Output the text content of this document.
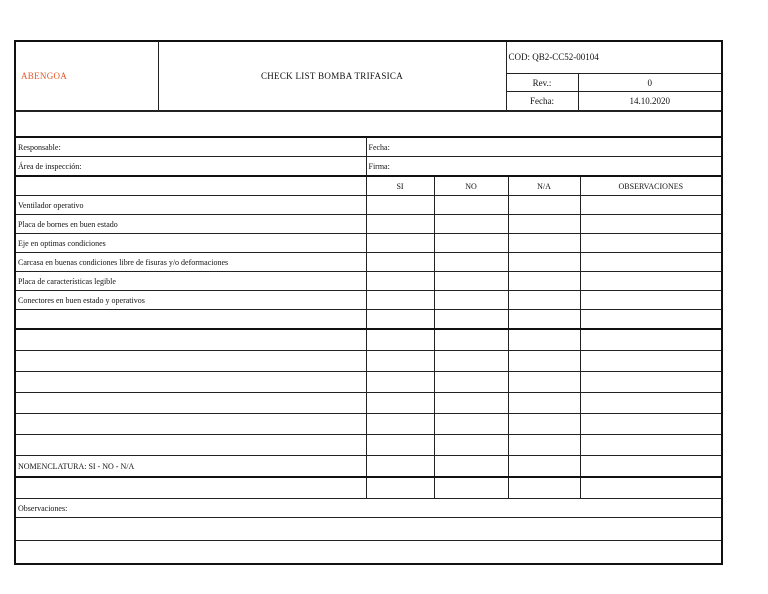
ABENGOA	CHECK LIST BOMBA TRIFASICA	COD: QB2-CC52-00104	
		Rev.:	0
		Fecha:	14.10.2020

Responsable:	Fecha:			
Área de inspección:	Firma:			
	SI	NO	N/A	OBSERVACIONES
Ventilador operativo				
Placa de bornes en buen estado				
Eje en optimas condiciones				
Carcasa en buenas condiciones libre de fisuras y/o deformaciones				
Placa de características legible				
Conectores en buen estado y operativos				

NOMENCLATURA: SI - NO - N/A				

Observaciones:				
